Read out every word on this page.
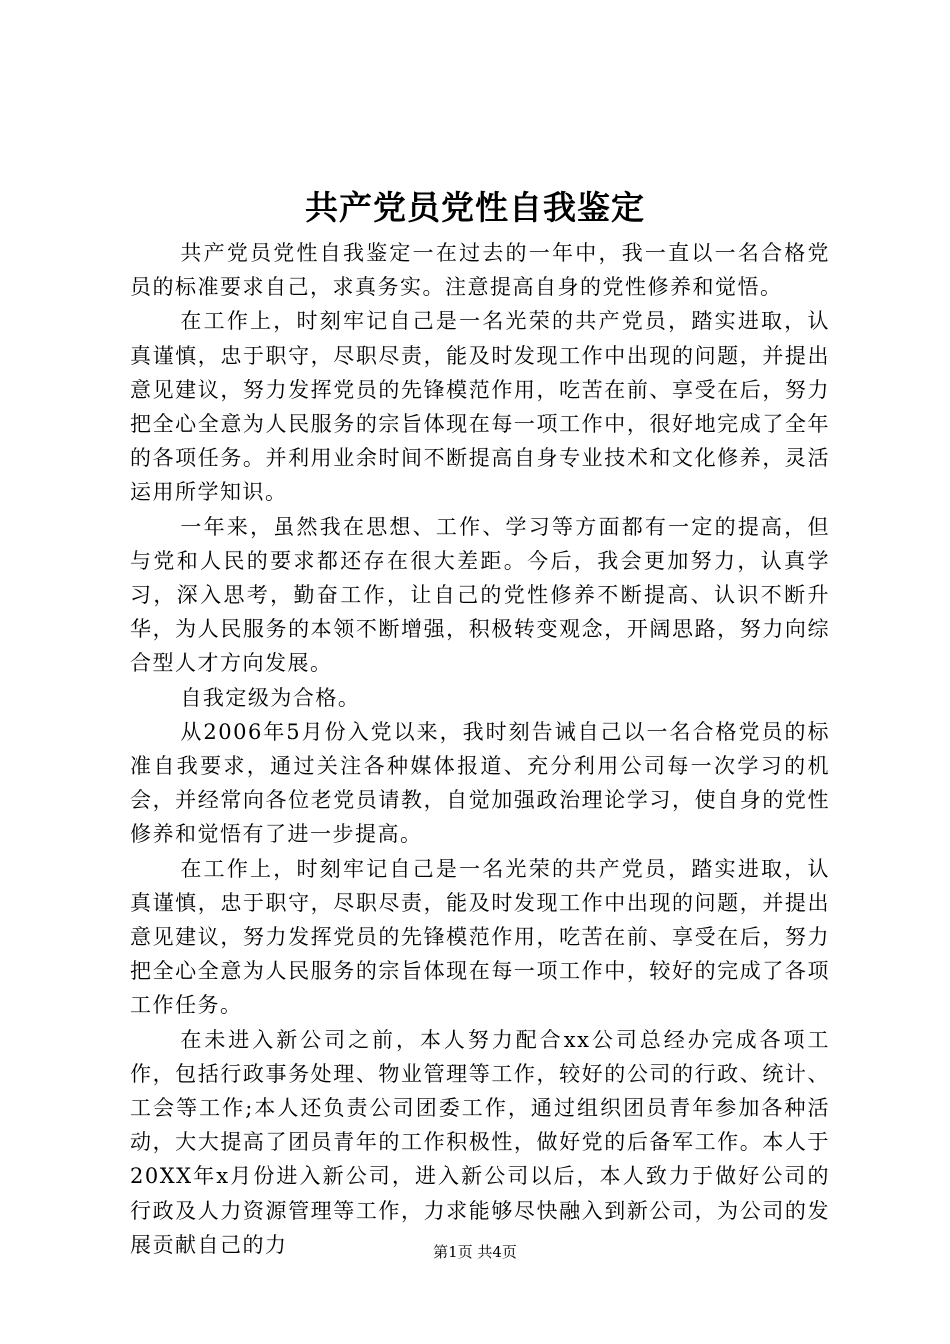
共产党员党性自我鉴定

共产党员党性自我鉴定一在过去的一年中，我一直以一名合格党员的标准要求自己，求真务实。注意提高自身的党性修养和觉悟。

在工作上，时刻牢记自己是一名光荣的共产党员，踏实进取，认真谨慎，忠于职守，尽职尽责，能及时发现工作中出现的问题，并提出意见建议，努力发挥党员的先锋模范作用，吃苦在前、享受在后，努力把全心全意为人民服务的宗旨体现在每一项工作中，很好地完成了全年的各项任务。并利用业余时间不断提高自身专业技术和文化修养，灵活运用所学知识。

一年来，虽然我在思想、工作、学习等方面都有一定的提高，但与党和人民的要求都还存在很大差距。今后，我会更加努力，认真学习，深入思考，勤奋工作，让自己的党性修养不断提高、认识不断升华，为人民服务的本领不断增强，积极转变观念，开阔思路，努力向综合型人才方向发展。

自我定级为合格。

从2006年5月份入党以来，我时刻告诫自己以一名合格党员的标准自我要求，通过关注各种媒体报道、充分利用公司每一次学习的机会，并经常向各位老党员请教，自觉加强政治理论学习，使自身的党性修养和觉悟有了进一步提高。

在工作上，时刻牢记自己是一名光荣的共产党员，踏实进取，认真谨慎，忠于职守，尽职尽责，能及时发现工作中出现的问题，并提出意见建议，努力发挥党员的先锋模范作用，吃苦在前、享受在后，努力把全心全意为人民服务的宗旨体现在每一项工作中，较好的完成了各项工作任务。

在未进入新公司之前，本人努力配合xx公司总经办完成各项工作，包括行政事务处理、物业管理等工作，较好的公司的行政、统计、工会等工作;本人还负责公司团委工作，通过组织团员青年参加各种活动，大大提高了团员青年的工作积极性，做好党的后备军工作。本人于20XX年x月份进入新公司，进入新公司以后，本人致力于做好公司的行政及人力资源管理等工作，力求能够尽快融入到新公司，为公司的发展贡献自己的力	第1页 共4页
